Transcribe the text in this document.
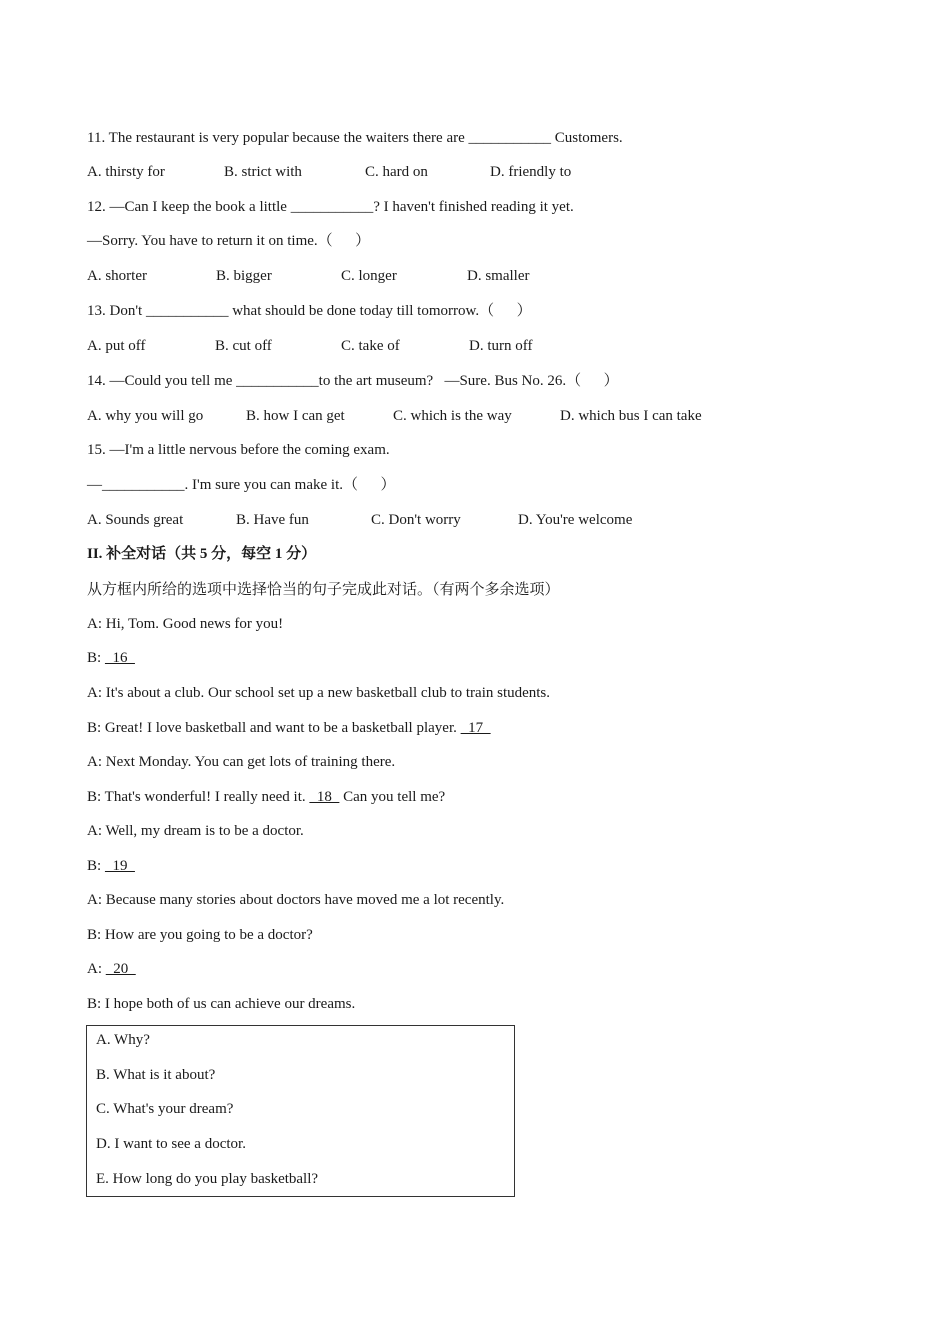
11. The restaurant is very popular because the waiters there are ___________ Customers.

A. thirsty for

	B. strict with

	C. hard on

	D. friendly to

12. —Can I keep the book a little ___________? I haven't finished reading it yet.
—Sorry. You have to return it on time.（      ）

A. shorter

	B. bigger

	C. longer

	D. smaller

13. Don't ___________ what should be done today till tomorrow.（      ）

A. put off

	B. cut off

	C. take of

	D. turn off

14. —Could you tell me ___________to the art museum?   —Sure. Bus No. 26.（      ）

A. why you will go

	B. how I can get

	C. which is the way

	D. which bus I can take

15. —I'm a little nervous before the coming exam.
—___________. I'm sure you can make it.（      ）

A. Sounds great

	B. Have fun

	C. Don't worry

	D. You're welcome

II. 补全对话（共 5 分，每空 1 分）
从方框内所给的选项中选择恰当的句子完成此对话。（有两个多余选项）
A: Hi, Tom. Good news for you!
B:   16
A: It's about a club. Our school set up a new basketball club to train students.
B: Great! I love basketball and want to be a basketball player.   17
A: Next Monday. You can get lots of training there.
B: That's wonderful! I really need it.   18   Can you tell me?
A: Well, my dream is to be a doctor.
B:   19
A: Because many stories about doctors have moved me a lot recently.
B: How are you going to be a doctor?
A:   20
B: I hope both of us can achieve our dreams.
A. Why?
B. What is it about?
C. What's your dream?
D. I want to see a doctor.
E. How long do you play basketball?
